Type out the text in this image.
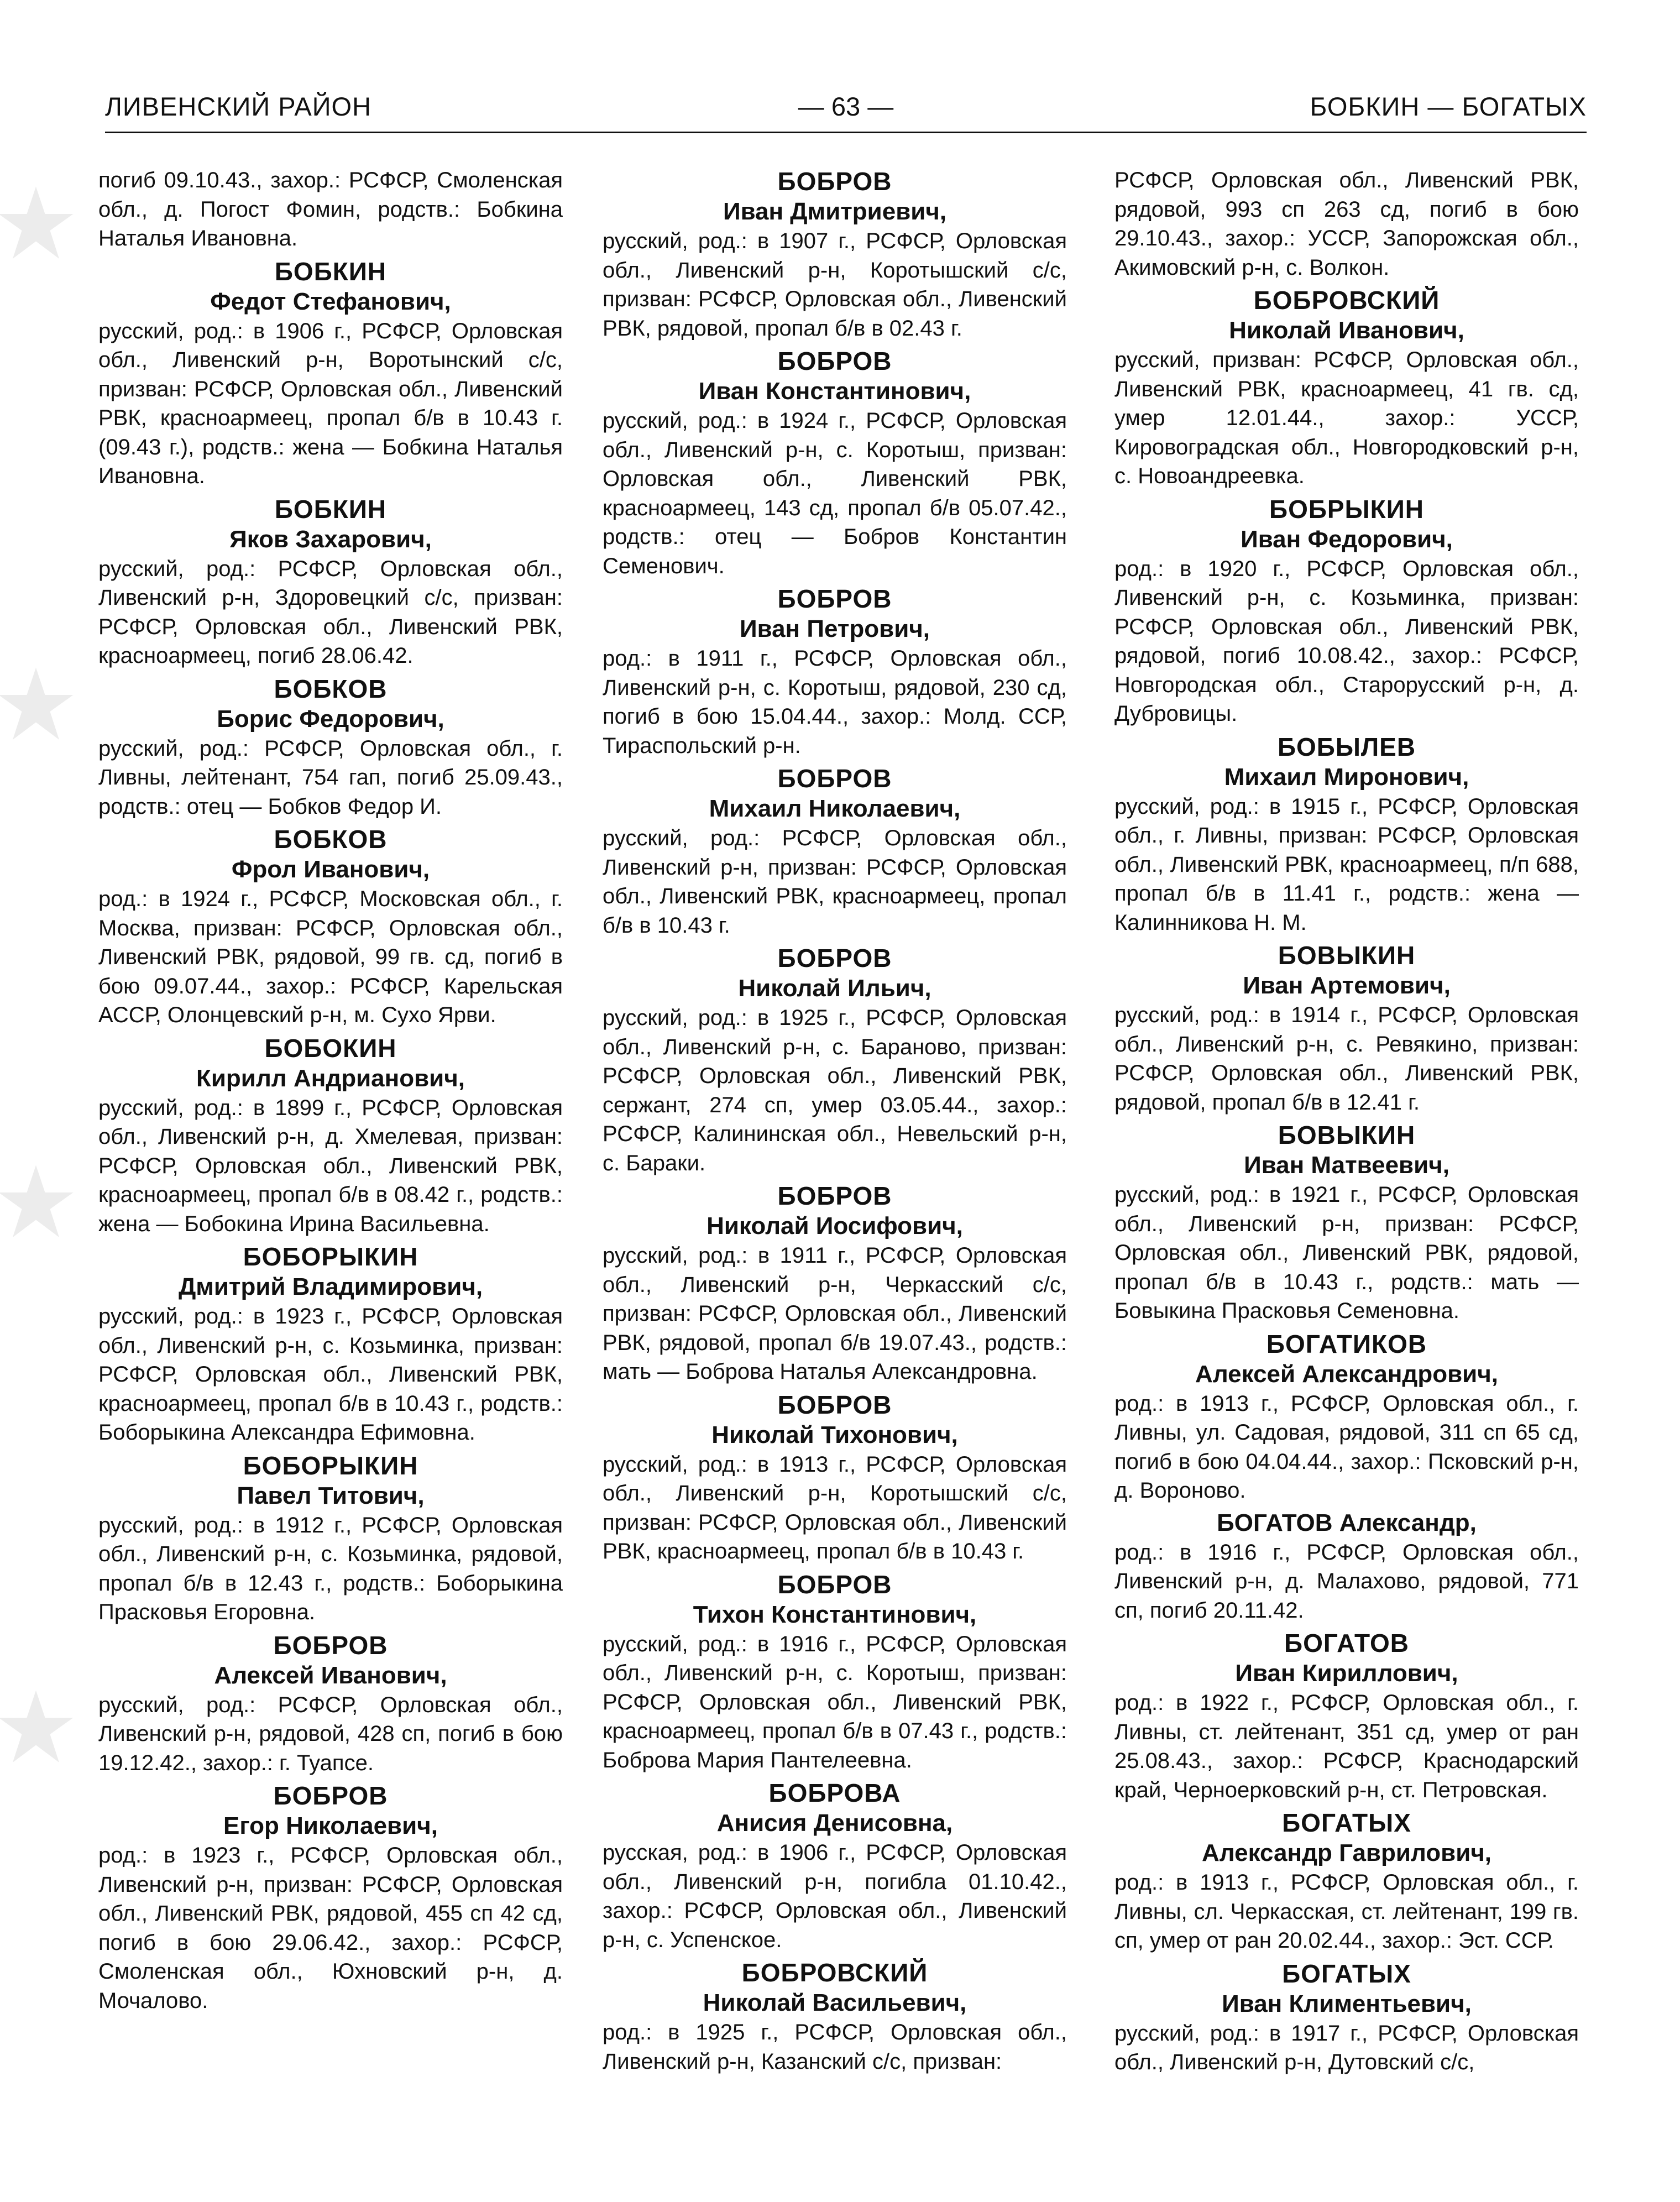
ЛИВЕНСКИЙ РАЙОН	— 63 —	БОБКИН — БОГАТЫХ
погиб 09.10.43., захор.: РСФСР, Смоленская обл., д. Погост Фомин, родств.: Бобкина Наталья Ивановна.
БОБКИН
Федот Стефанович,
русский, род.: в 1906 г., РСФСР, Орловская обл., Ливенский р-н, Воротынский с/с, призван: РСФСР, Орловская обл., Ливенский РВК, красноармеец, пропал б/в в 10.43 г.(09.43 г.), родств.: жена — Бобкина Наталья Ивановна.
БОБКИН
Яков Захарович,
русский, род.: РСФСР, Орловская обл., Ливенский р-н, Здоровецкий с/с, призван: РСФСР, Орловская обл., Ливенский РВК, красноармеец, погиб 28.06.42.
БОБКОВ
Борис Федорович,
русский, род.: РСФСР, Орловская обл., г. Ливны, лейтенант, 754 гап, погиб 25.09.43., родств.: отец — Бобков Федор И.
БОБКОВ
Фрол Иванович,
род.: в 1924 г., РСФСР, Московская обл., г. Москва, призван: РСФСР, Орловская обл., Ливенский РВК, рядовой, 99 гв. сд, погиб в бою 09.07.44., захор.: РСФСР, Карельская АССР, Олонцевский р-н, м. Сухо Ярви.
БОБОКИН
Кирилл Андрианович,
русский, род.: в 1899 г., РСФСР, Орловская обл., Ливенский р-н, д. Хмелевая, призван: РСФСР, Орловская обл., Ливенский РВК, красноармеец, пропал б/в в 08.42 г., родств.: жена — Бобокина Ирина Васильевна.
БОБОРЫКИН
Дмитрий Владимирович,
русский, род.: в 1923 г., РСФСР, Орловская обл., Ливенский р-н, с. Козьминка, призван: РСФСР, Орловская обл., Ливенский РВК, красноармеец, пропал б/в в 10.43 г., родств.: Боборыкина Александра Ефимовна.
БОБОРЫКИН
Павел Титович,
русский, род.: в 1912 г., РСФСР, Орловская обл., Ливенский р-н, с. Козьминка, рядовой, пропал б/в в 12.43 г., родств.: Боборыкина Прасковья Егоровна.
БОБРОВ
Алексей Иванович,
русский, род.: РСФСР, Орловская обл., Ливенский р-н, рядовой, 428 сп, погиб в бою 19.12.42., захор.: г. Туапсе.
БОБРОВ
Егор Николаевич,
род.: в 1923 г., РСФСР, Орловская обл., Ливенский р-н, призван: РСФСР, Орловская обл., Ливенский РВК, рядовой, 455 сп 42 сд, погиб в бою 29.06.42., захор.: РСФСР, Смоленская обл., Юхновский р-н, д. Мочалово.
БОБРОВ
Иван Дмитриевич,
русский, род.: в 1907 г., РСФСР, Орловская обл., Ливенский р-н, Коротышский с/с, призван: РСФСР, Орловская обл., Ливенский РВК, рядовой, пропал б/в в 02.43 г.
БОБРОВ
Иван Константинович,
русский, род.: в 1924 г., РСФСР, Орловская обл., Ливенский р-н, с. Коротыш, призван: Орловская обл., Ливенский РВК, красноармеец, 143 сд, пропал б/в 05.07.42., родств.: отец — Бобров Константин Семенович.
БОБРОВ
Иван Петрович,
род.: в 1911 г., РСФСР, Орловская обл., Ливенский р-н, с. Коротыш, рядовой, 230 сд, погиб в бою 15.04.44., захор.: Молд. ССР, Тираспольский р-н.
БОБРОВ
Михаил Николаевич,
русский, род.: РСФСР, Орловская обл., Ливенский р-н, призван: РСФСР, Орловская обл., Ливенский РВК, красноармеец, пропал б/в в 10.43 г.
БОБРОВ
Николай Ильич,
русский, род.: в 1925 г., РСФСР, Орловская обл., Ливенский р-н, с. Бараново, призван: РСФСР, Орловская обл., Ливенский РВК, сержант, 274 сп, умер 03.05.44., захор.: РСФСР, Калининская обл., Невельский р-н, с. Бараки.
БОБРОВ
Николай Иосифович,
русский, род.: в 1911 г., РСФСР, Орловская обл., Ливенский р-н, Черкасский с/с, призван: РСФСР, Орловская обл., Ливенский РВК, рядовой, пропал б/в 19.07.43., родств.: мать — Боброва Наталья Александровна.
БОБРОВ
Николай Тихонович,
русский, род.: в 1913 г., РСФСР, Орловская обл., Ливенский р-н, Коротышский с/с, призван: РСФСР, Орловская обл., Ливенский РВК, красноармеец, пропал б/в в 10.43 г.
БОБРОВ
Тихон Константинович,
русский, род.: в 1916 г., РСФСР, Орловская обл., Ливенский р-н, с. Коротыш, призван: РСФСР, Орловская обл., Ливенский РВК, красноармеец, пропал б/в в 07.43 г., родств.: Боброва Мария Пантелеевна.
БОБРОВА
Анисия Денисовна,
русская, род.: в 1906 г., РСФСР, Орловская обл., Ливенский р-н, погибла 01.10.42., захор.: РСФСР, Орловская обл., Ливенский р-н, с. Успенское.
БОБРОВСКИЙ
Николай Васильевич,
род.: в 1925 г., РСФСР, Орловская обл., Ливенский р-н, Казанский с/с, призван:
РСФСР, Орловская обл., Ливенский РВК, рядовой, 993 сп 263 сд, погиб в бою 29.10.43., захор.: УССР, Запорожская обл., Акимовский р-н, с. Волкон.
БОБРОВСКИЙ
Николай Иванович,
русский, призван: РСФСР, Орловская обл., Ливенский РВК, красноармеец, 41 гв. сд, умер 12.01.44., захор.: УССР, Кировоградская обл., Новгородковский р-н, с. Новоандреевка.
БОБРЫКИН
Иван Федорович,
род.: в 1920 г., РСФСР, Орловская обл., Ливенский р-н, с. Козьминка, призван: РСФСР, Орловская обл., Ливенский РВК, рядовой, погиб 10.08.42., захор.: РСФСР, Новгородская обл., Старорусский р-н, д. Дубровицы.
БОБЫЛЕВ
Михаил Миронович,
русский, род.: в 1915 г., РСФСР, Орловская обл., г. Ливны, призван: РСФСР, Орловская обл., Ливенский РВК, красноармеец, п/п 688, пропал б/в в 11.41 г., родств.: жена — Калинникова Н. М.
БОВЫКИН
Иван Артемович,
русский, род.: в 1914 г., РСФСР, Орловская обл., Ливенский р-н, с. Ревякино, призван: РСФСР, Орловская обл., Ливенский РВК, рядовой, пропал б/в в 12.41 г.
БОВЫКИН
Иван Матвеевич,
русский, род.: в 1921 г., РСФСР, Орловская обл., Ливенский р-н, призван: РСФСР, Орловская обл., Ливенский РВК, рядовой, пропал б/в в 10.43 г., родств.: мать — Бовыкина Прасковья Семеновна.
БОГАТИКОВ
Алексей Александрович,
род.: в 1913 г., РСФСР, Орловская обл., г. Ливны, ул. Садовая, рядовой, 311 сп 65 сд, погиб в бою 04.04.44., захор.: Псковский р-н, д. Вороново.
БОГАТОВ Александр,
род.: в 1916 г., РСФСР, Орловская обл., Ливенский р-н, д. Малахово, рядовой, 771 сп, погиб 20.11.42.
БОГАТОВ
Иван Кириллович,
род.: в 1922 г., РСФСР, Орловская обл., г. Ливны, ст. лейтенант, 351 сд, умер от ран 25.08.43., захор.: РСФСР, Краснодарский край, Черноерковский р-н, ст. Петровская.
БОГАТЫХ
Александр Гаврилович,
род.: в 1913 г., РСФСР, Орловская обл., г. Ливны, сл. Черкасская, ст. лейтенант, 199 гв. сп, умер от ран 20.02.44., захор.: Эст. ССР.
БОГАТЫХ
Иван Климентьевич,
русский, род.: в 1917 г., РСФСР, Орловская обл., Ливенский р-н, Дутовский с/с,
